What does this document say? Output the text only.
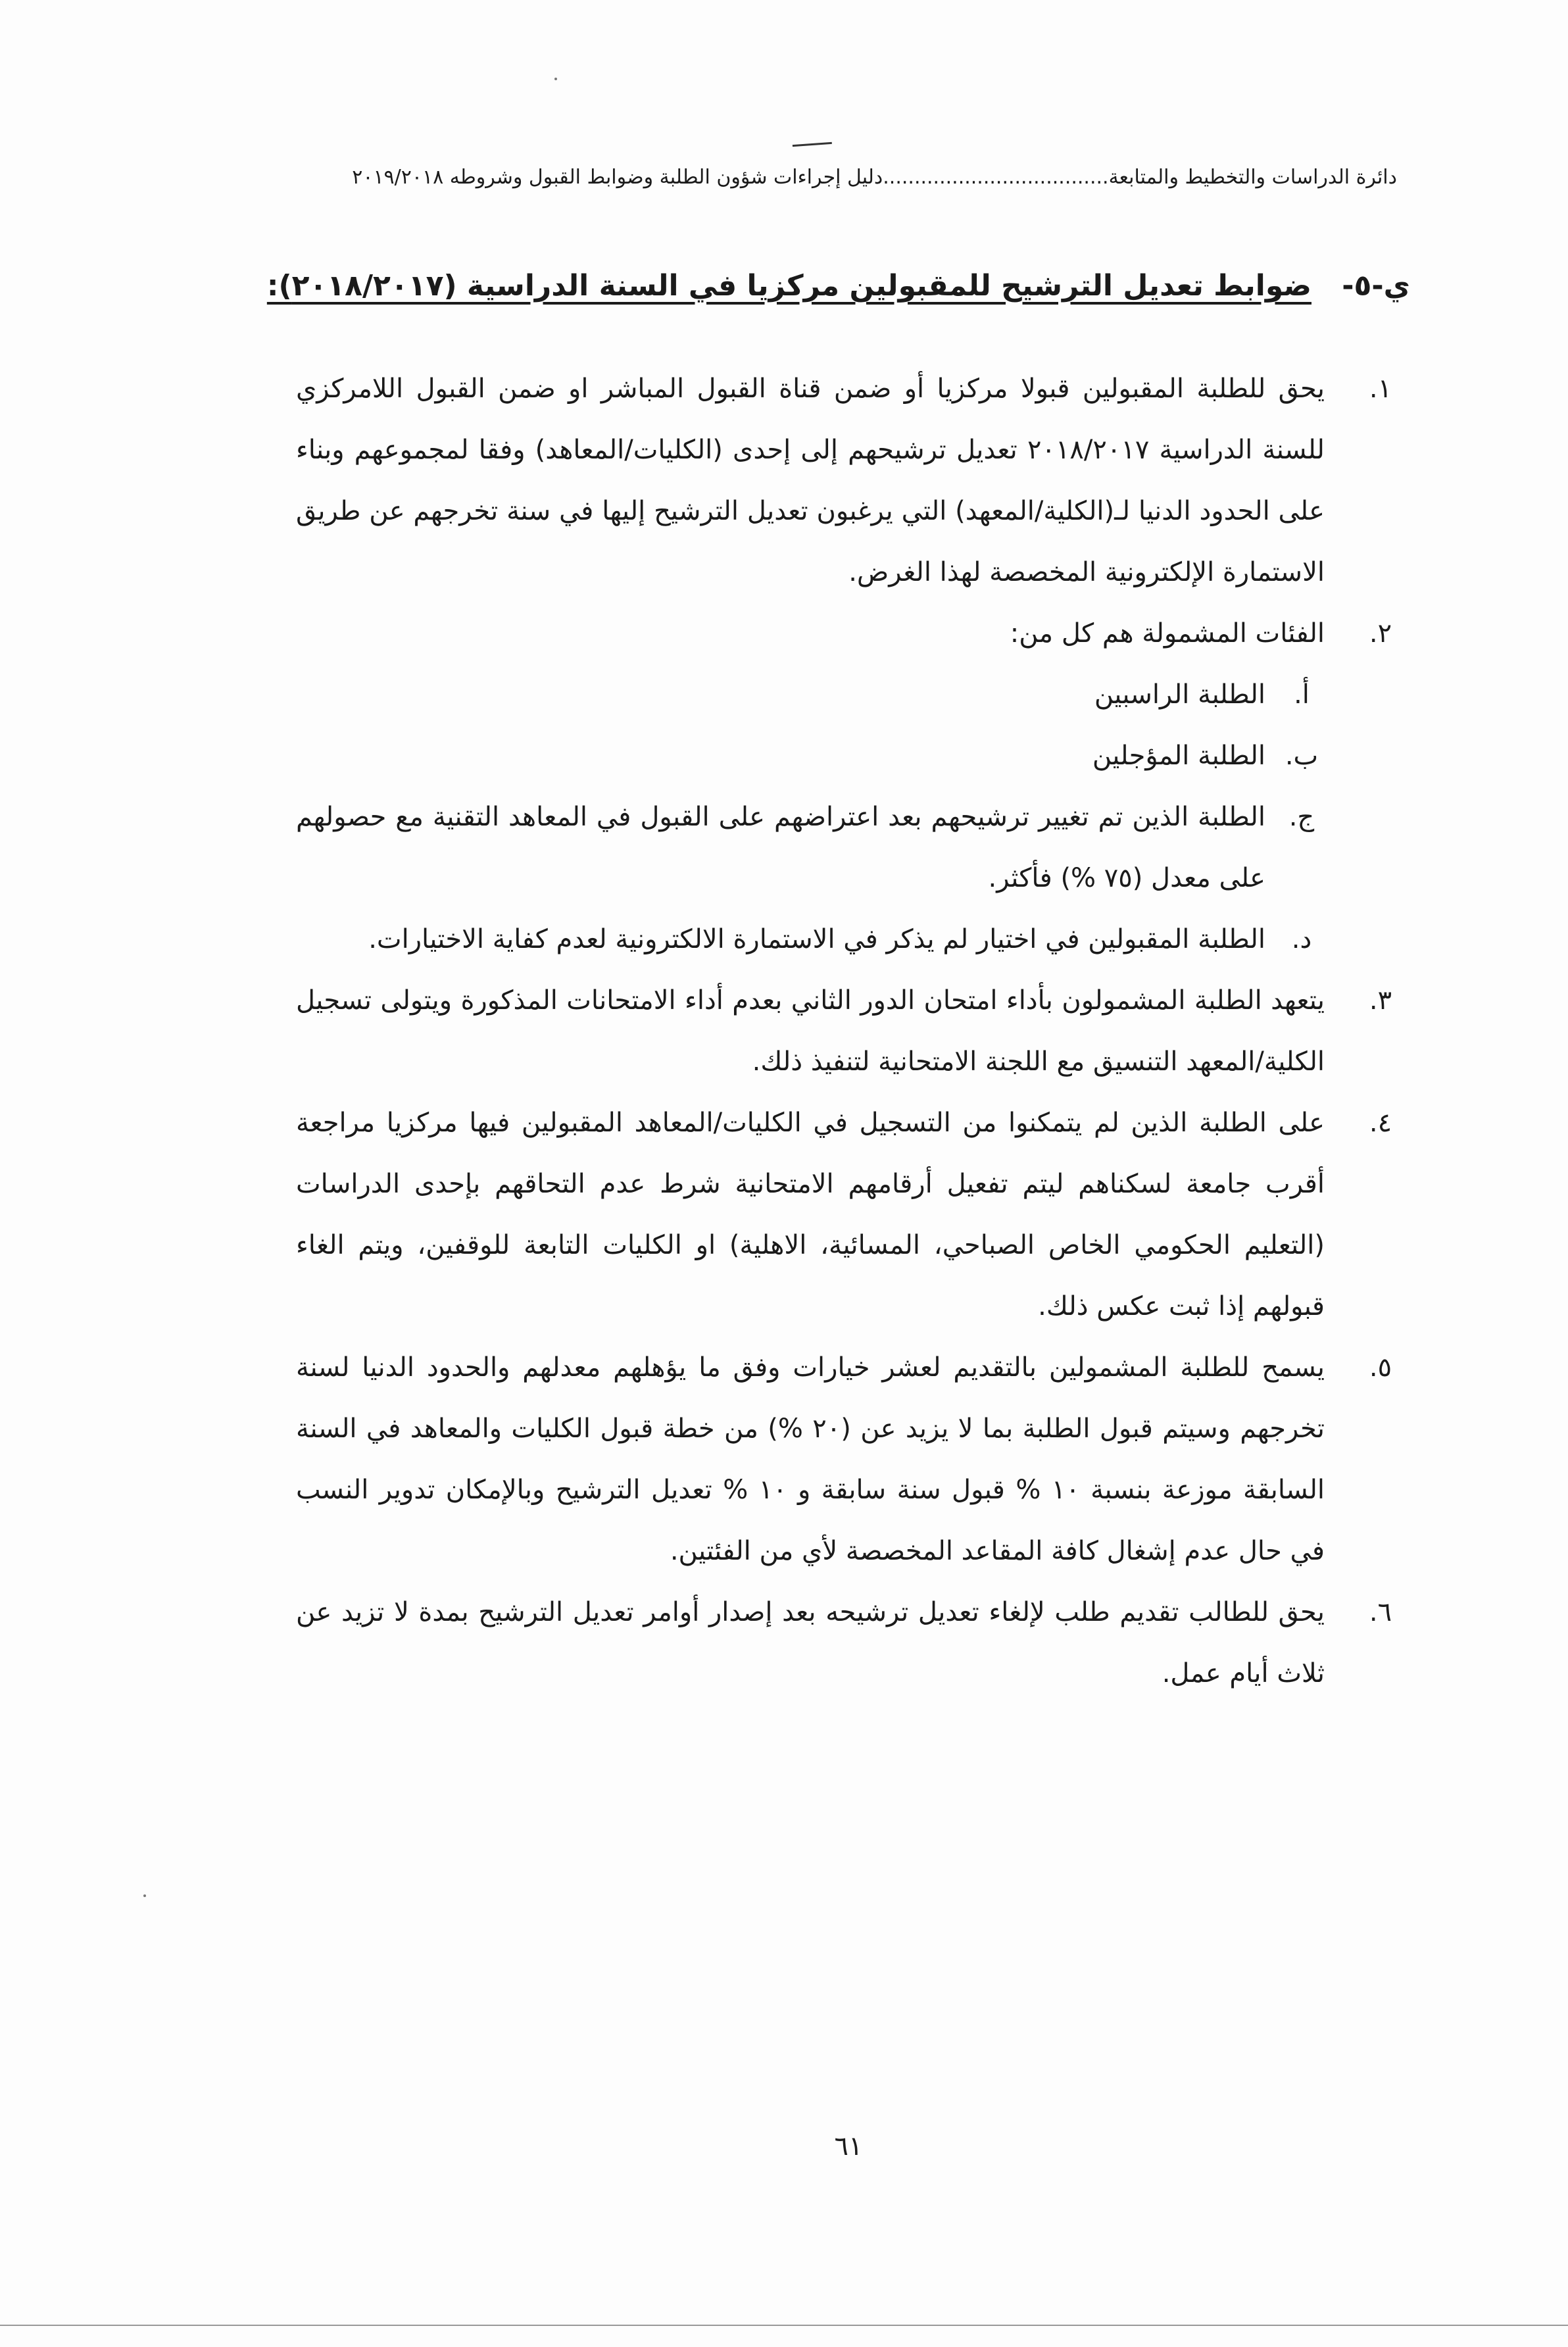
دائرة الدراسات والتخطيط والمتابعة....................................دليل إجراءات شؤون الطلبة وضوابط القبول وشروطه ٢٠١٩/٢٠١٨
ي-٥-ضوابط تعديل الترشيح للمقبولين مركزيا في السنة الدراسية (٢٠١٨/٢٠١٧):
١.
يحق للطلبة المقبولين قبولا مركزيا أو ضمن قناة القبول المباشر او ضمن القبول اللامركزي للسنة الدراسية ٢٠١٨/٢٠١٧ تعديل ترشيحهم إلى إحدى (الكليات/المعاهد) وفقا لمجموعهم وبناء على الحدود الدنيا لـ(الكلية/المعهد) التي يرغبون تعديل الترشيح إليها في سنة تخرجهم عن طريق الاستمارة الإلكترونية المخصصة لهذا الغرض.
٢.
الفئات المشمولة هم كل من:
أ.
الطلبة الراسبين
ب.
الطلبة المؤجلين
ج.
الطلبة الذين تم تغيير ترشيحهم بعد اعتراضهم على القبول في المعاهد التقنية مع حصولهم على معدل (٧٥ %) فأكثر.
د.
الطلبة المقبولين في اختيار لم يذكر في الاستمارة الالكترونية لعدم كفاية الاختيارات.
٣.
يتعهد الطلبة المشمولون بأداء امتحان الدور الثاني بعدم أداء الامتحانات المذكورة ويتولى تسجيل الكلية/المعهد التنسيق مع اللجنة الامتحانية لتنفيذ ذلك.
٤.
على الطلبة الذين لم يتمكنوا من التسجيل في الكليات/المعاهد المقبولين فيها مركزيا مراجعة أقرب جامعة لسكناهم ليتم تفعيل أرقامهم الامتحانية شرط عدم التحاقهم بإحدى الدراسات (التعليم الحكومي الخاص الصباحي، المسائية، الاهلية) او الكليات التابعة للوقفين، ويتم الغاء قبولهم إذا ثبت عكس ذلك.
٥.
يسمح للطلبة المشمولين بالتقديم لعشر خيارات وفق ما يؤهلهم معدلهم والحدود الدنيا لسنة تخرجهم وسيتم قبول الطلبة بما لا يزيد عن (٢٠ %) من خطة قبول الكليات والمعاهد في السنة السابقة موزعة بنسبة ١٠ % قبول سنة سابقة و ١٠ % تعديل الترشيح وبالإمكان تدوير النسب في حال عدم إشغال كافة المقاعد المخصصة لأي من الفئتين.
٦.
يحق للطالب تقديم طلب لإلغاء تعديل ترشيحه بعد إصدار أوامر تعديل الترشيح بمدة لا تزيد عن ثلاث أيام عمل.
٦١
